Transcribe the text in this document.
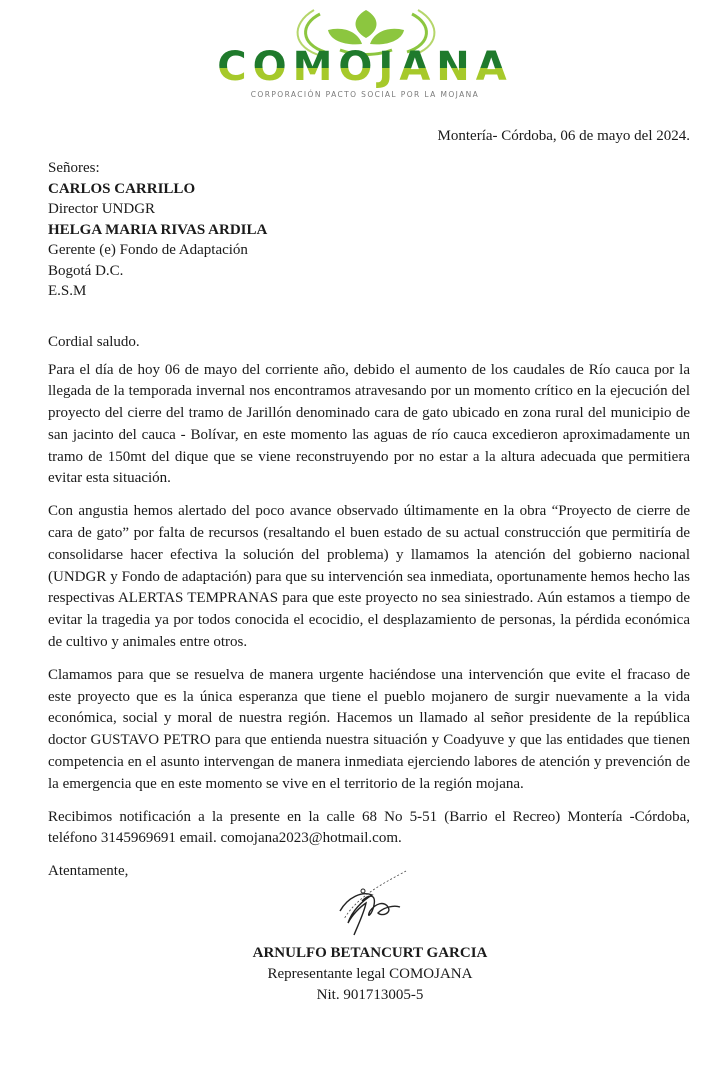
COMOJANA
CORPORACIÓN PACTO SOCIAL POR LA MOJANA
Montería- Córdoba, 06 de mayo del 2024.
Señores:
CARLOS CARRILLO
Director UNDGR
HELGA MARIA RIVAS ARDILA
Gerente (e) Fondo de Adaptación
Bogotá D.C.
E.S.M
Cordial saludo.

Para el día de hoy 06 de mayo del corriente año, debido el aumento de los caudales de Río cauca por la llegada de la temporada invernal nos encontramos atravesando por un momento crítico en la ejecución del proyecto del cierre del tramo de Jarillón denominado cara de gato ubicado en zona rural del municipio de san jacinto del cauca - Bolívar, en este momento las aguas de río cauca excedieron aproximadamente un tramo de 150mt del dique que se viene reconstruyendo por no estar a la altura adecuada que permitiera evitar esta situación.

Con angustia hemos alertado del poco avance observado últimamente en la obra “Proyecto de cierre de cara de gato” por falta de recursos (resaltando el buen estado de su actual construcción que permitiría de consolidarse hacer efectiva la solución del problema) y llamamos la atención del gobierno nacional (UNDGR y Fondo de adaptación) para que su intervención sea inmediata, oportunamente hemos hecho las respectivas ALERTAS TEMPRANAS para que este proyecto no sea siniestrado. Aún estamos a tiempo de evitar la tragedia ya por todos conocida el ecocidio, el desplazamiento de personas, la pérdida económica de cultivo y animales entre otros.

Clamamos para que se resuelva de manera urgente haciéndose una intervención que evite el fracaso de este proyecto que es la única esperanza que tiene el pueblo mojanero de surgir nuevamente a la vida económica, social y moral de nuestra región. Hacemos un llamado al señor presidente de la república doctor GUSTAVO PETRO para que entienda nuestra situación y Coadyuve y que las entidades que tienen competencia en el asunto intervengan de manera inmediata ejerciendo labores de atención y prevención de la emergencia que en este momento se vive en el territorio de la región mojana.

Recibimos notificación a la presente en la calle 68 No 5-51 (Barrio el Recreo) Montería -Córdoba, teléfono 3145969691 email. comojana2023@hotmail.com.

Atentamente,
ARNULFO BETANCURT GARCIA
Representante legal COMOJANA
Nit. 901713005-5
